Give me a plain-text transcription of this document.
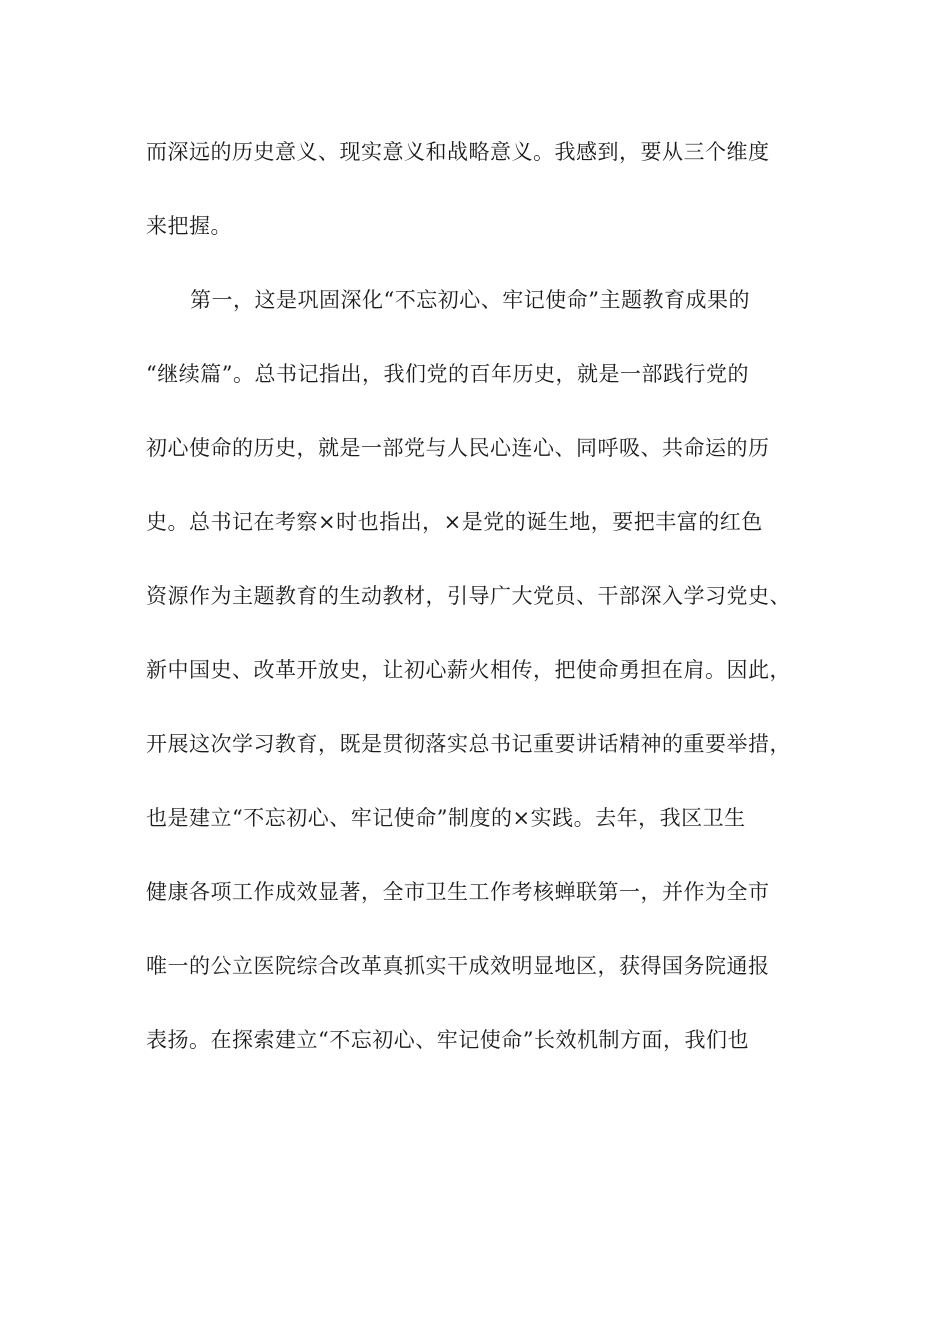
而深远的历史意义、现实意义和战略意义。我感到，要从三个维度
来把握。
第一，这是巩固深化“不忘初心、牢记使命”主题教育成果的
“继续篇”。总书记指出，我们党的百年历史，就是一部践行党的
初心使命的历史，就是一部党与人民心连心、同呼吸、共命运的历
史。总书记在考察×时也指出，×是党的诞生地，要把丰富的红色
资源作为主题教育的生动教材，引导广大党员、干部深入学习党史、
新中国史、改革开放史，让初心薪火相传，把使命勇担在肩。因此，
开展这次学习教育，既是贯彻落实总书记重要讲话精神的重要举措，
也是建立“不忘初心、牢记使命”制度的×实践。去年，我区卫生
健康各项工作成效显著，全市卫生工作考核蝉联第一，并作为全市
唯一的公立医院综合改革真抓实干成效明显地区，获得国务院通报
表扬。在探索建立“不忘初心、牢记使命”长效机制方面，我们也
